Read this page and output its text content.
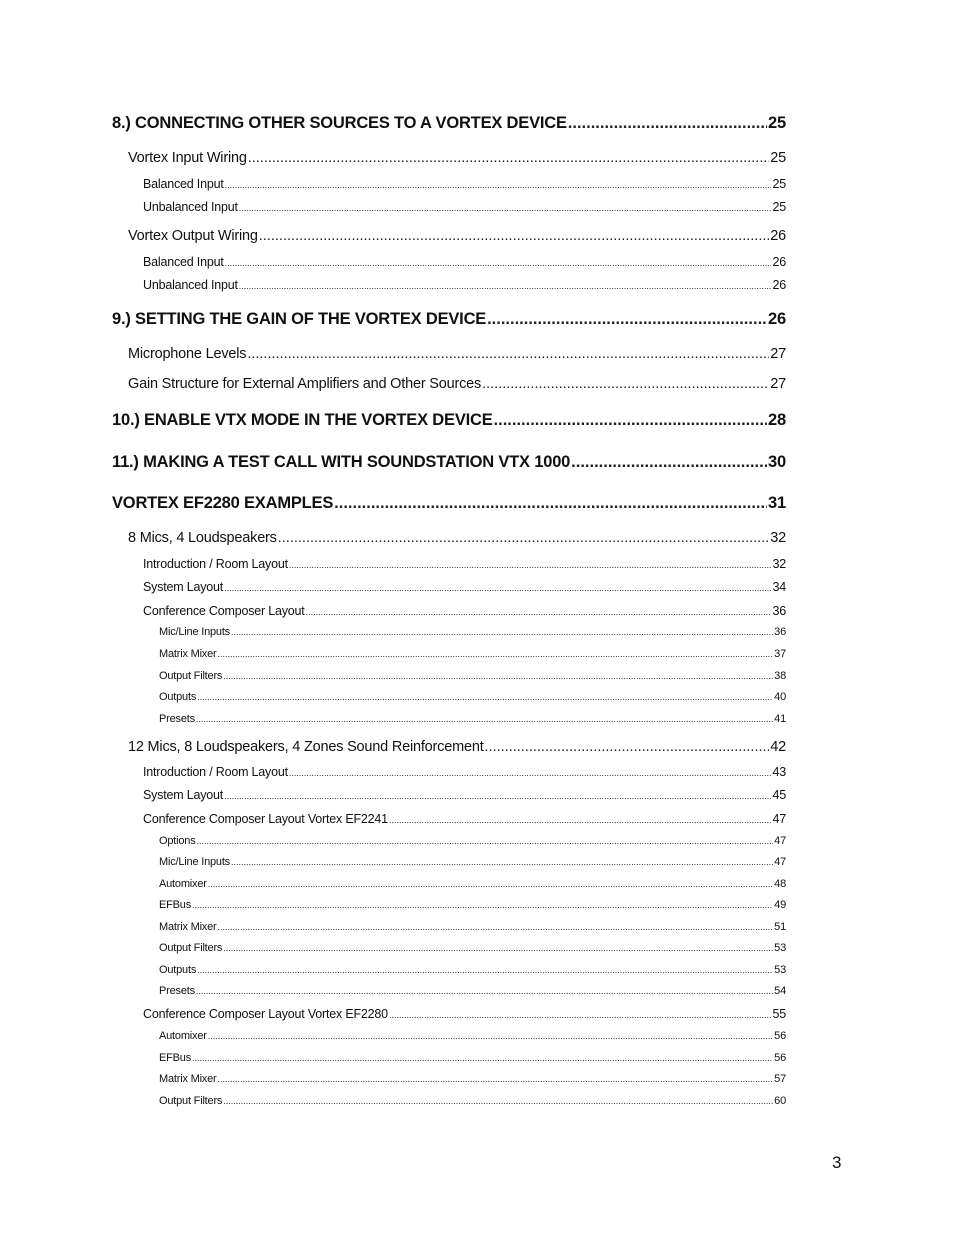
8.) CONNECTING OTHER SOURCES TO A VORTEX DEVICE .....	25
Vortex Input Wiring .....	25
Balanced Input .....	25
Unbalanced Input .....	25
Vortex Output Wiring .....	26
Balanced Input .....	26
Unbalanced Input .....	26
9.) SETTING THE GAIN OF THE VORTEX DEVICE .....	26
Microphone Levels .....	27
Gain Structure for External Amplifiers and Other Sources .....	27
10.) ENABLE VTX MODE IN THE VORTEX DEVICE .....	28
11.) MAKING A TEST CALL WITH SOUNDSTATION VTX 1000 .....	30
VORTEX EF2280 EXAMPLES .....	31
8 Mics, 4 Loudspeakers .....	32
Introduction / Room Layout .....	32
System Layout .....	34
Conference Composer Layout .....	36
Mic/Line Inputs .....	36
Matrix Mixer .....	37
Output Filters .....	38
Outputs .....	40
Presets .....	41
12 Mics, 8 Loudspeakers, 4 Zones Sound Reinforcement .....	42
Introduction / Room Layout .....	43
System Layout .....	45
Conference Composer Layout Vortex EF2241 .....	47
Options .....	47
Mic/Line Inputs .....	47
Automixer .....	48
EFBus .....	49
Matrix Mixer .....	51
Output Filters .....	53
Outputs .....	53
Presets .....	54
Conference Composer Layout Vortex EF2280 .....	55
Automixer .....	56
EFBus .....	56
Matrix Mixer .....	57
Output Filters .....	60
3
